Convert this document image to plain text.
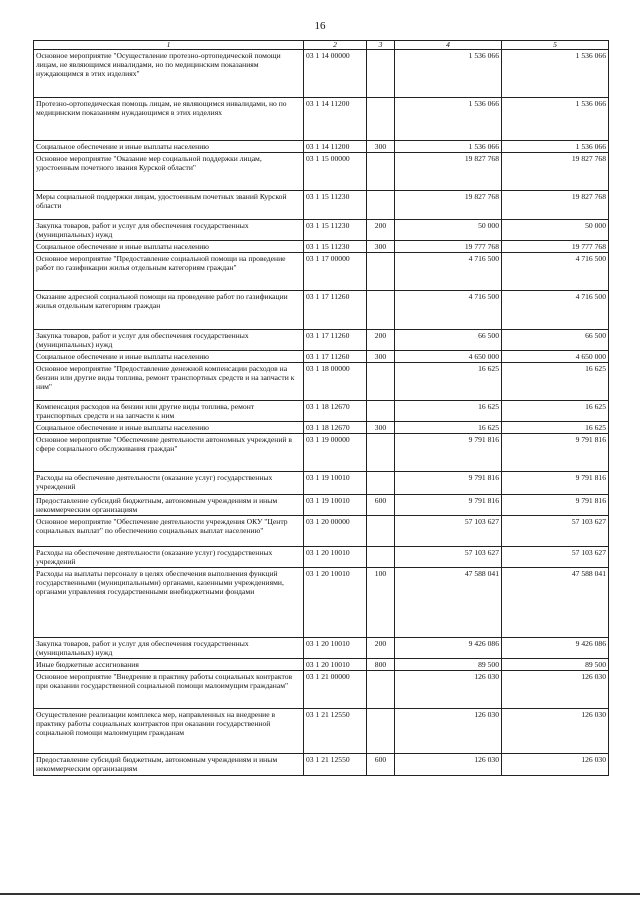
16
1	2	3	4	5
Основное мероприятие "Осуществление протезно-ортопедической помощи лицам, не являющимся инвалидами, но по медицинским показаниям нуждающимся в этих изделиях"	03 1 14 00000		1 536 066	1 536 066
Протезно-ортопедическая помощь лицам, не являющимся инвалидами, но по медицинским показаниям нуждающимся в этих изделиях	03 1 14 11200		1 536 066	1 536 066
Социальное обеспечение и иные выплаты населению	03 1 14 11200	300	1 536 066	1 536 066
Основное мероприятие "Оказание мер социальной поддержки лицам, удостоенным почетного звания Курской области"	03 1 15 00000		19 827 768	19 827 768
Меры социальной поддержки лицам, удостоенным почетных званий Курской области	03 1 15 11230		19 827 768	19 827 768
Закупка товаров, работ и услуг для обеспечения государственных (муниципальных) нужд	03 1 15 11230	200	50 000	50 000
Социальное обеспечение и иные выплаты населению	03 1 15 11230	300	19 777 768	19 777 768
Основное мероприятие "Предоставление социальной помощи на проведение работ по газификации жилья отдельным категориям граждан"	03 1 17 00000		4 716 500	4 716 500
Оказание адресной социальной помощи на проведение работ по газификации жилья отдельным категориям граждан	03 1 17 11260		4 716 500	4 716 500
Закупка товаров, работ и услуг для обеспечения государственных (муниципальных) нужд	03 1 17 11260	200	66 500	66 500
Социальное обеспечение и иные выплаты населению	03 1 17 11260	300	4 650 000	4 650 000
Основное мероприятие "Предоставление денежной компенсации расходов на бензин или другие виды топлива, ремонт транспортных средств и на запчасти к ним"	03 1 18 00000		16 625	16 625
Компенсация расходов на бензин или другие виды топлива, ремонт транспортных средств и на запчасти к ним	03 1 18 12670		16 625	16 625
Социальное обеспечение и иные выплаты населению	03 1 18 12670	300	16 625	16 625
Основное мероприятие "Обеспечение деятельности автономных учреждений в сфере социального обслуживания граждан"	03 1 19 00000		9 791 816	9 791 816
Расходы на обеспечение деятельности (оказание услуг) государственных учреждений	03 1 19 10010		9 791 816	9 791 816
Предоставление субсидий бюджетным, автономным учреждениям и иным некоммерческим организациям	03 1 19 10010	600	9 791 816	9 791 816
Основное мероприятие "Обеспечение деятельности учреждения ОКУ "Центр социальных выплат" по обеспечению социальных выплат населению"	03 1 20 00000		57 103 627	57 103 627
Расходы на обеспечение деятельности (оказание услуг) государственных учреждений	03 1 20 10010		57 103 627	57 103 627
Расходы на выплаты персоналу в целях обеспечения выполнения функций государственными (муниципальными) органами, казенными учреждениями, органами управления государственными внебюджетными фондами	03 1 20 10010	100	47 588 041	47 588 041
Закупка товаров, работ и услуг для обеспечения государственных (муниципальных) нужд	03 1 20 10010	200	9 426 086	9 426 086
Иные бюджетные ассигнования	03 1 20 10010	800	89 500	89 500
Основное мероприятие "Внедрение в практику работы социальных контрактов при оказании государственной социальной помощи малоимущим гражданам"	03 1 21 00000		126 030	126 030
Осуществление реализации комплекса мер, направленных на внедрение в практику работы социальных контрактов при оказании государственной социальной помощи малоимущим гражданам	03 1 21 12550		126 030	126 030
Предоставление субсидий бюджетным, автономным учреждениям и иным некоммерческим организациям	03 1 21 12550	600	126 030	126 030
